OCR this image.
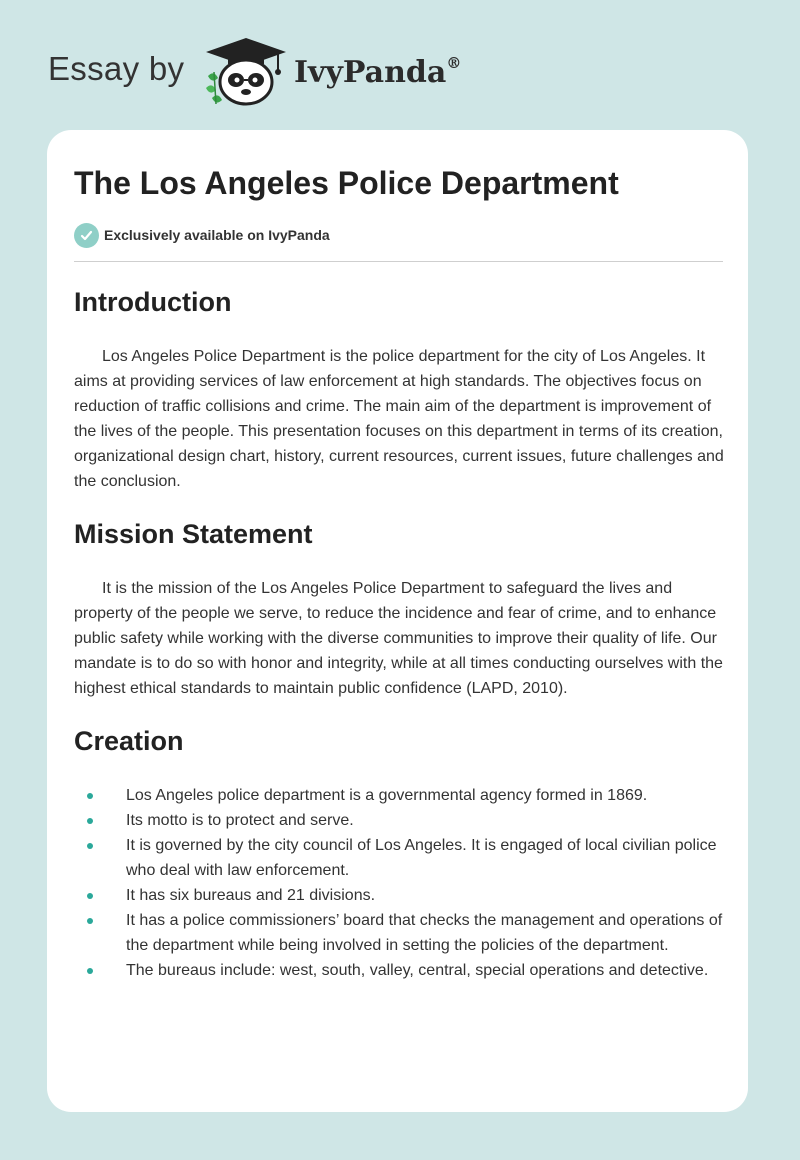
Essay by	IvyPanda®
The Los Angeles Police Department
Exclusively available on IvyPanda
Introduction

Los Angeles Police Department is the police department for the city of Los Angeles. It aims at providing services of law enforcement at high standards. The objectives focus on reduction of traffic collisions and crime. The main aim of the department is improvement of the lives of the people. This presentation focuses on this department in terms of its creation, organizational design chart, history, current resources, current issues, future challenges and the conclusion.

Mission Statement

It is the mission of the Los Angeles Police Department to safeguard the lives and property of the people we serve, to reduce the incidence and fear of crime, and to enhance public safety while working with the diverse communities to improve their quality of life. Our mandate is to do so with honor and integrity, while at all times conducting ourselves with the highest ethical standards to maintain public confidence (LAPD, 2010).

Creation
Los Angeles police department is a governmental agency formed in 1869.
Its motto is to protect and serve.
It is governed by the city council of Los Angeles. It is engaged of local civilian police who deal with law enforcement.
It has six bureaus and 21 divisions.
It has a police commissioners’ board that checks the management and operations of the department while being involved in setting the policies of the department.
The bureaus include: west, south, valley, central, special operations and detective.
